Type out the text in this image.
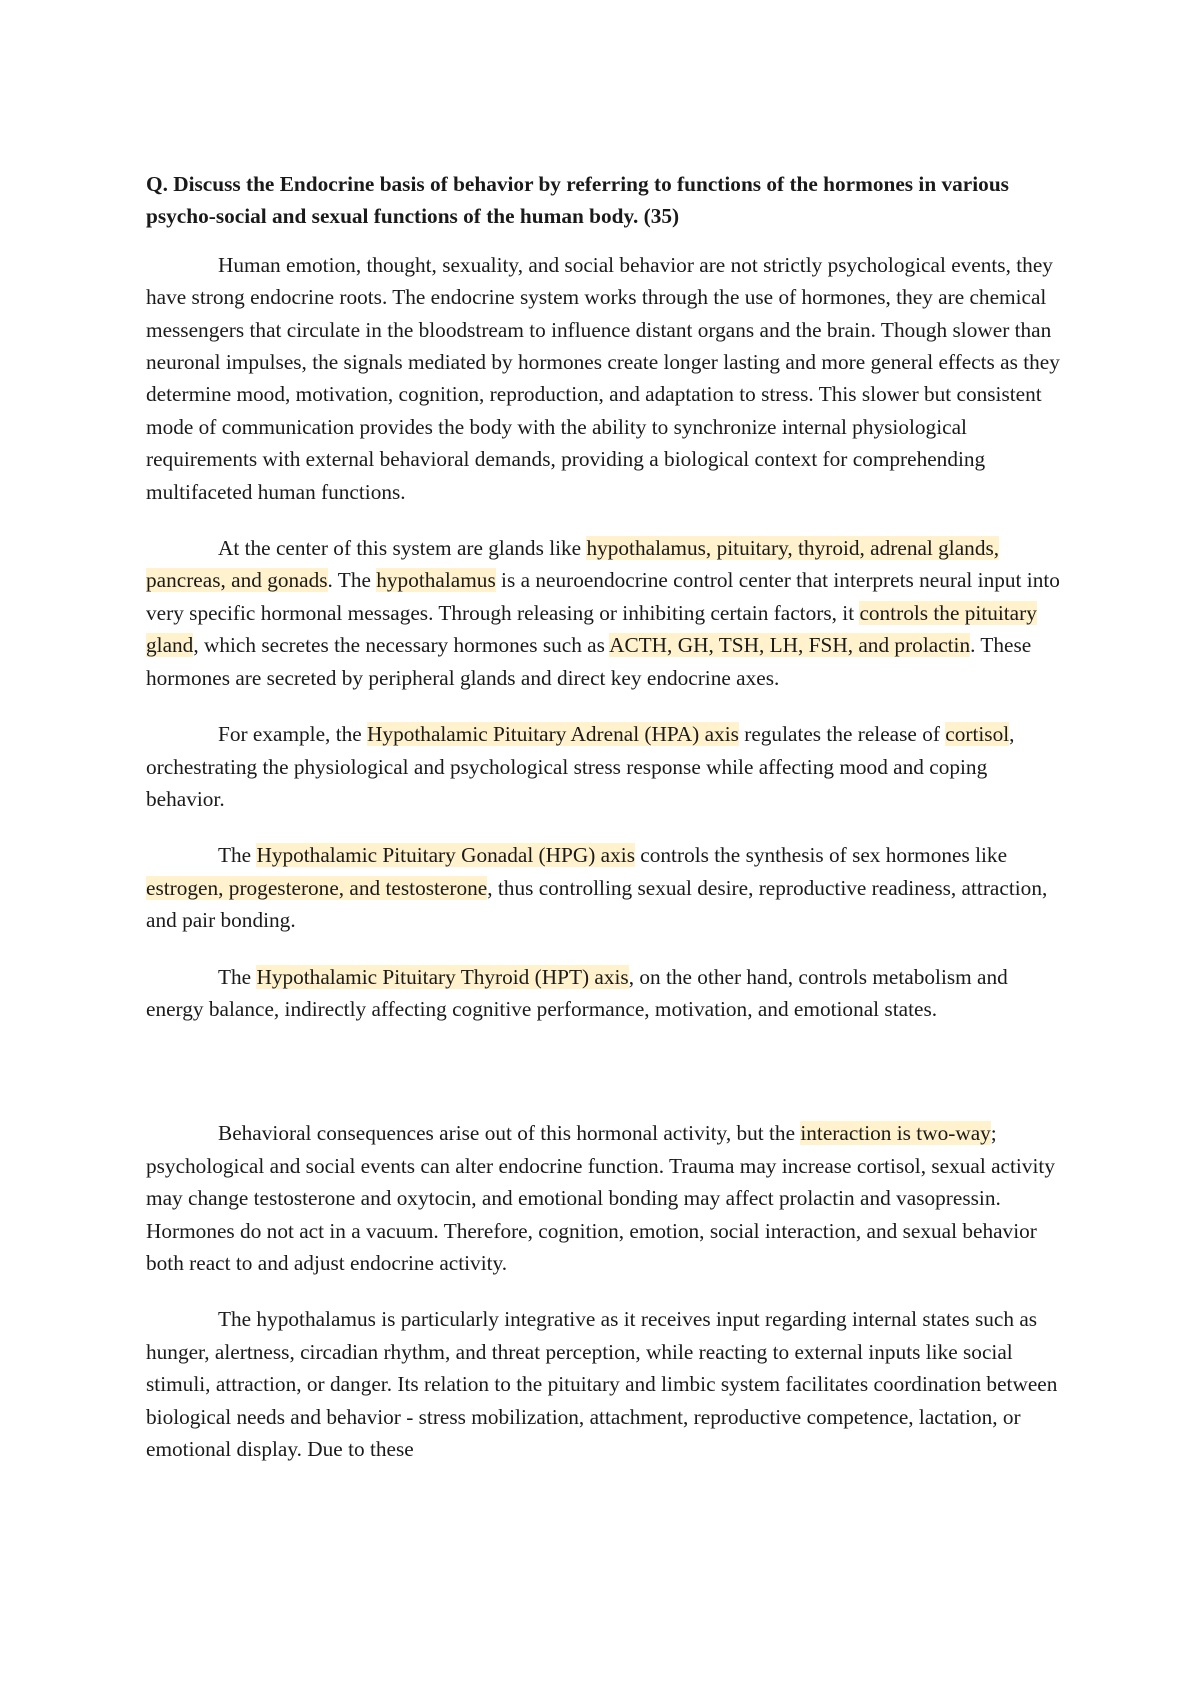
Q. Discuss the Endocrine basis of behavior by referring to functions of the hormones in various psycho-social and sexual functions of the human body. (35)

Human emotion, thought, sexuality, and social behavior are not strictly psychological events, they have strong endocrine roots. The endocrine system works through the use of hormones, they are chemical messengers that circulate in the bloodstream to influence distant organs and the brain. Though slower than neuronal impulses, the signals mediated by hormones create longer lasting and more general effects as they determine mood, motivation, cognition, reproduction, and adaptation to stress. This slower but consistent mode of communication provides the body with the ability to synchronize internal physiological requirements with external behavioral demands, providing a biological context for comprehending multifaceted human functions.

At the center of this system are glands like hypothalamus, pituitary, thyroid, adrenal glands, pancreas, and gonads. The hypothalamus is a neuroendocrine control center that interprets neural input into very specific hormonal messages. Through releasing or inhibiting certain factors, it controls the pituitary gland, which secretes the necessary hormones such as ACTH, GH, TSH, LH, FSH, and prolactin. These hormones are secreted by peripheral glands and direct key endocrine axes.

For example, the Hypothalamic Pituitary Adrenal (HPA) axis regulates the release of cortisol, orchestrating the physiological and psychological stress response while affecting mood and coping behavior.

The Hypothalamic Pituitary Gonadal (HPG) axis controls the synthesis of sex hormones like estrogen, progesterone, and testosterone, thus controlling sexual desire, reproductive readiness, attraction, and pair bonding.

The Hypothalamic Pituitary Thyroid (HPT) axis, on the other hand, controls metabolism and energy balance, indirectly affecting cognitive performance, motivation, and emotional states.

Behavioral consequences arise out of this hormonal activity, but the interaction is two-way; psychological and social events can alter endocrine function. Trauma may increase cortisol, sexual activity may change testosterone and oxytocin, and emotional bonding may affect prolactin and vasopressin. Hormones do not act in a vacuum. Therefore, cognition, emotion, social interaction, and sexual behavior both react to and adjust endocrine activity.

The hypothalamus is particularly integrative as it receives input regarding internal states such as hunger, alertness, circadian rhythm, and threat perception, while reacting to external inputs like social stimuli, attraction, or danger. Its relation to the pituitary and limbic system facilitates coordination between biological needs and behavior - stress mobilization, attachment, reproductive competence, lactation, or emotional display. Due to these
